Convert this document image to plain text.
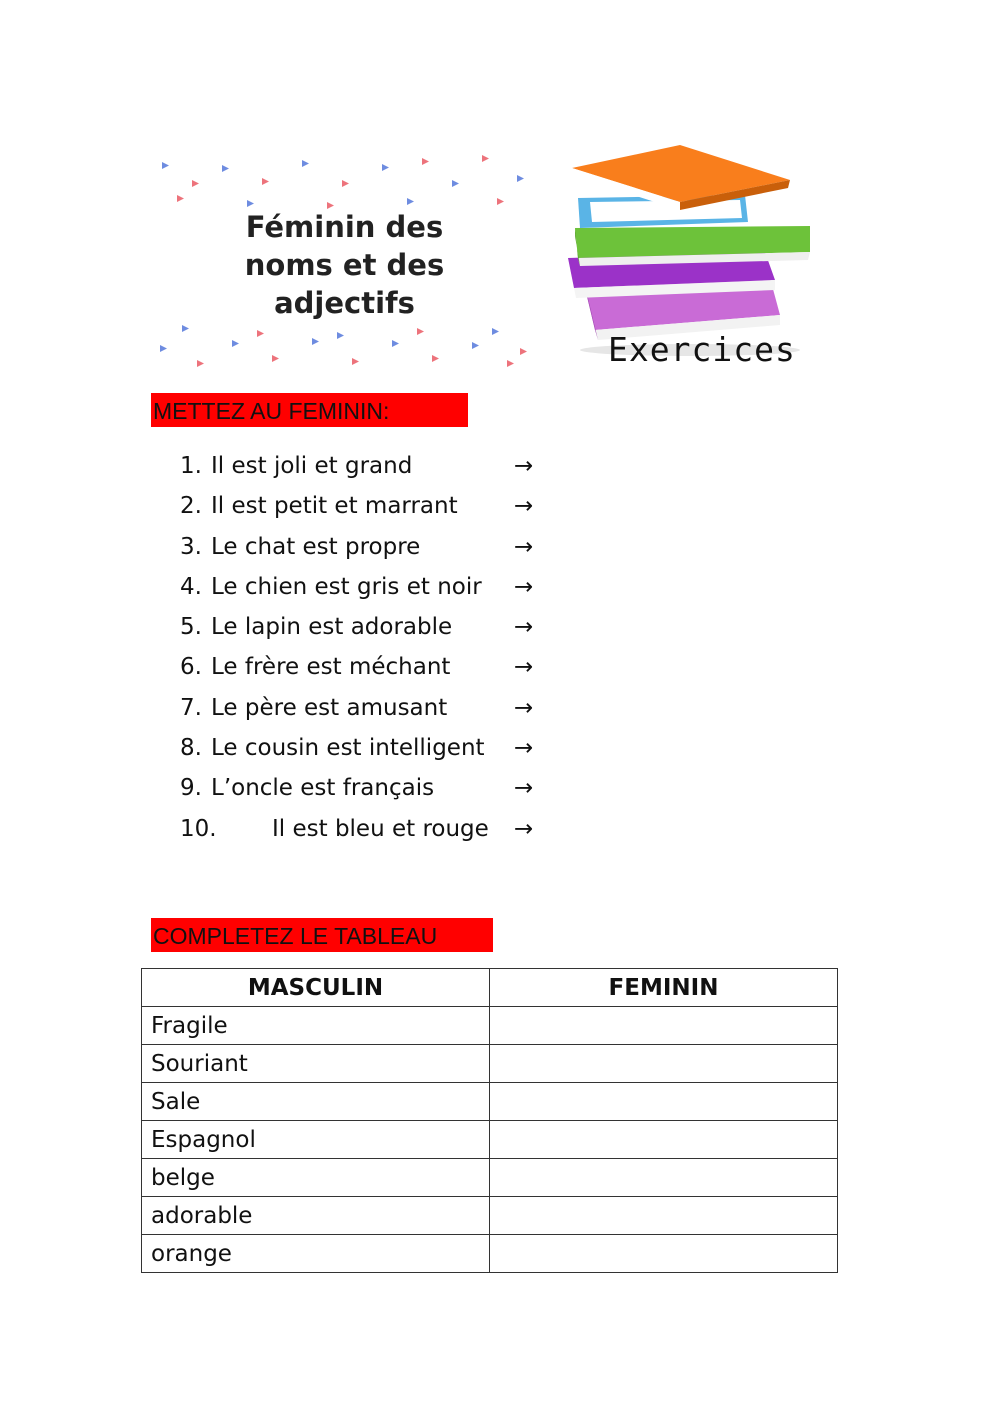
Féminin des
noms et des
adjectifs
Exercices
METTEZ AU FEMININ:
1. Il est joli et grand	→
2. Il est petit et marrant →
3. Le chat est propre	→
4. Le chien est gris et noir →
5. Le lapin est adorable	→
6. Le frère est méchant	→
7. Le père est amusant	→
8. Le cousin est intelligent →
9. L’oncle est français	→
10. Il est bleu et rouge →
COMPLETEZ LE TABLEAU
MASCULIN	FEMININ
Fragile	
Souriant	
Sale	
Espagnol	
belge	
adorable	
orange	
